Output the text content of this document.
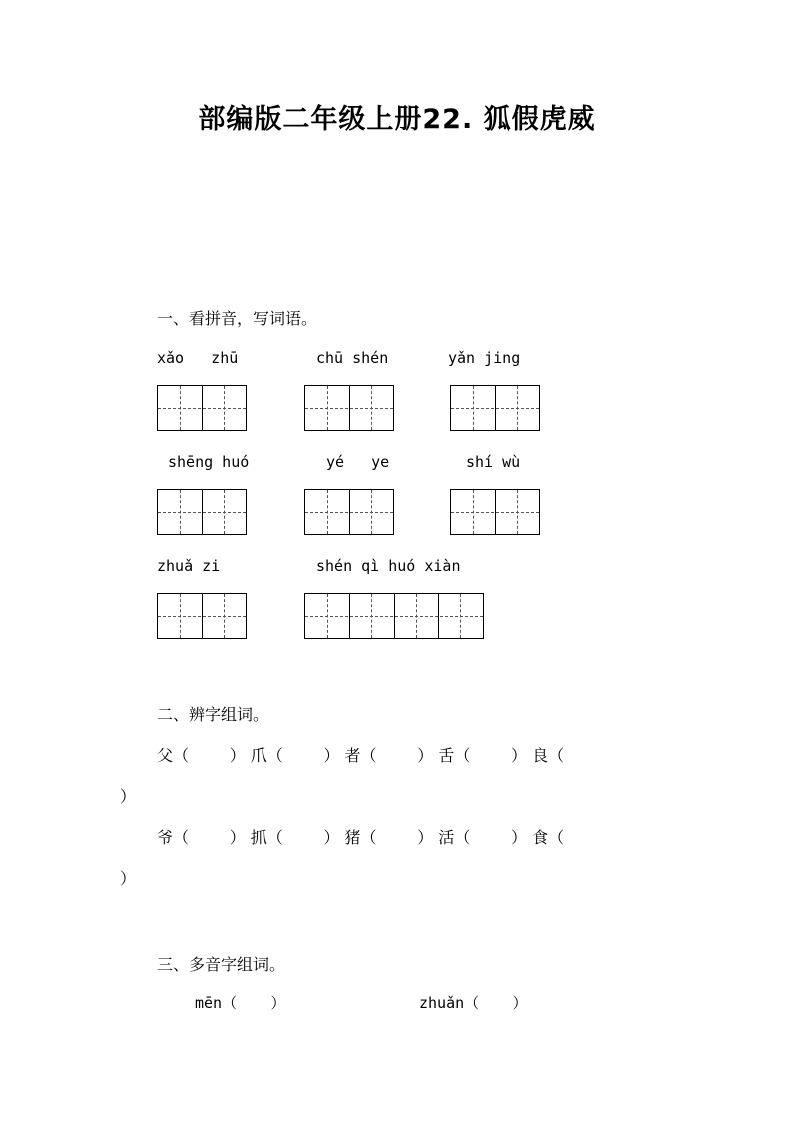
部编版二年级上册22. 狐假虎威
一、看拼音，写词语。
xǎo   zhū	chū shén	yǎn jing
shēng huó	yé   ye	shí wù
zhuǎ zi	shén qì huó xiàn
二、辨字组词。
父（        ） 爪（        ） 者（        ） 舌（        ） 良（
）
爷（        ） 抓（        ） 猪（        ） 活（        ） 食（
）
三、多音字组词。
mēn（       ）	zhuǎn（       ）
